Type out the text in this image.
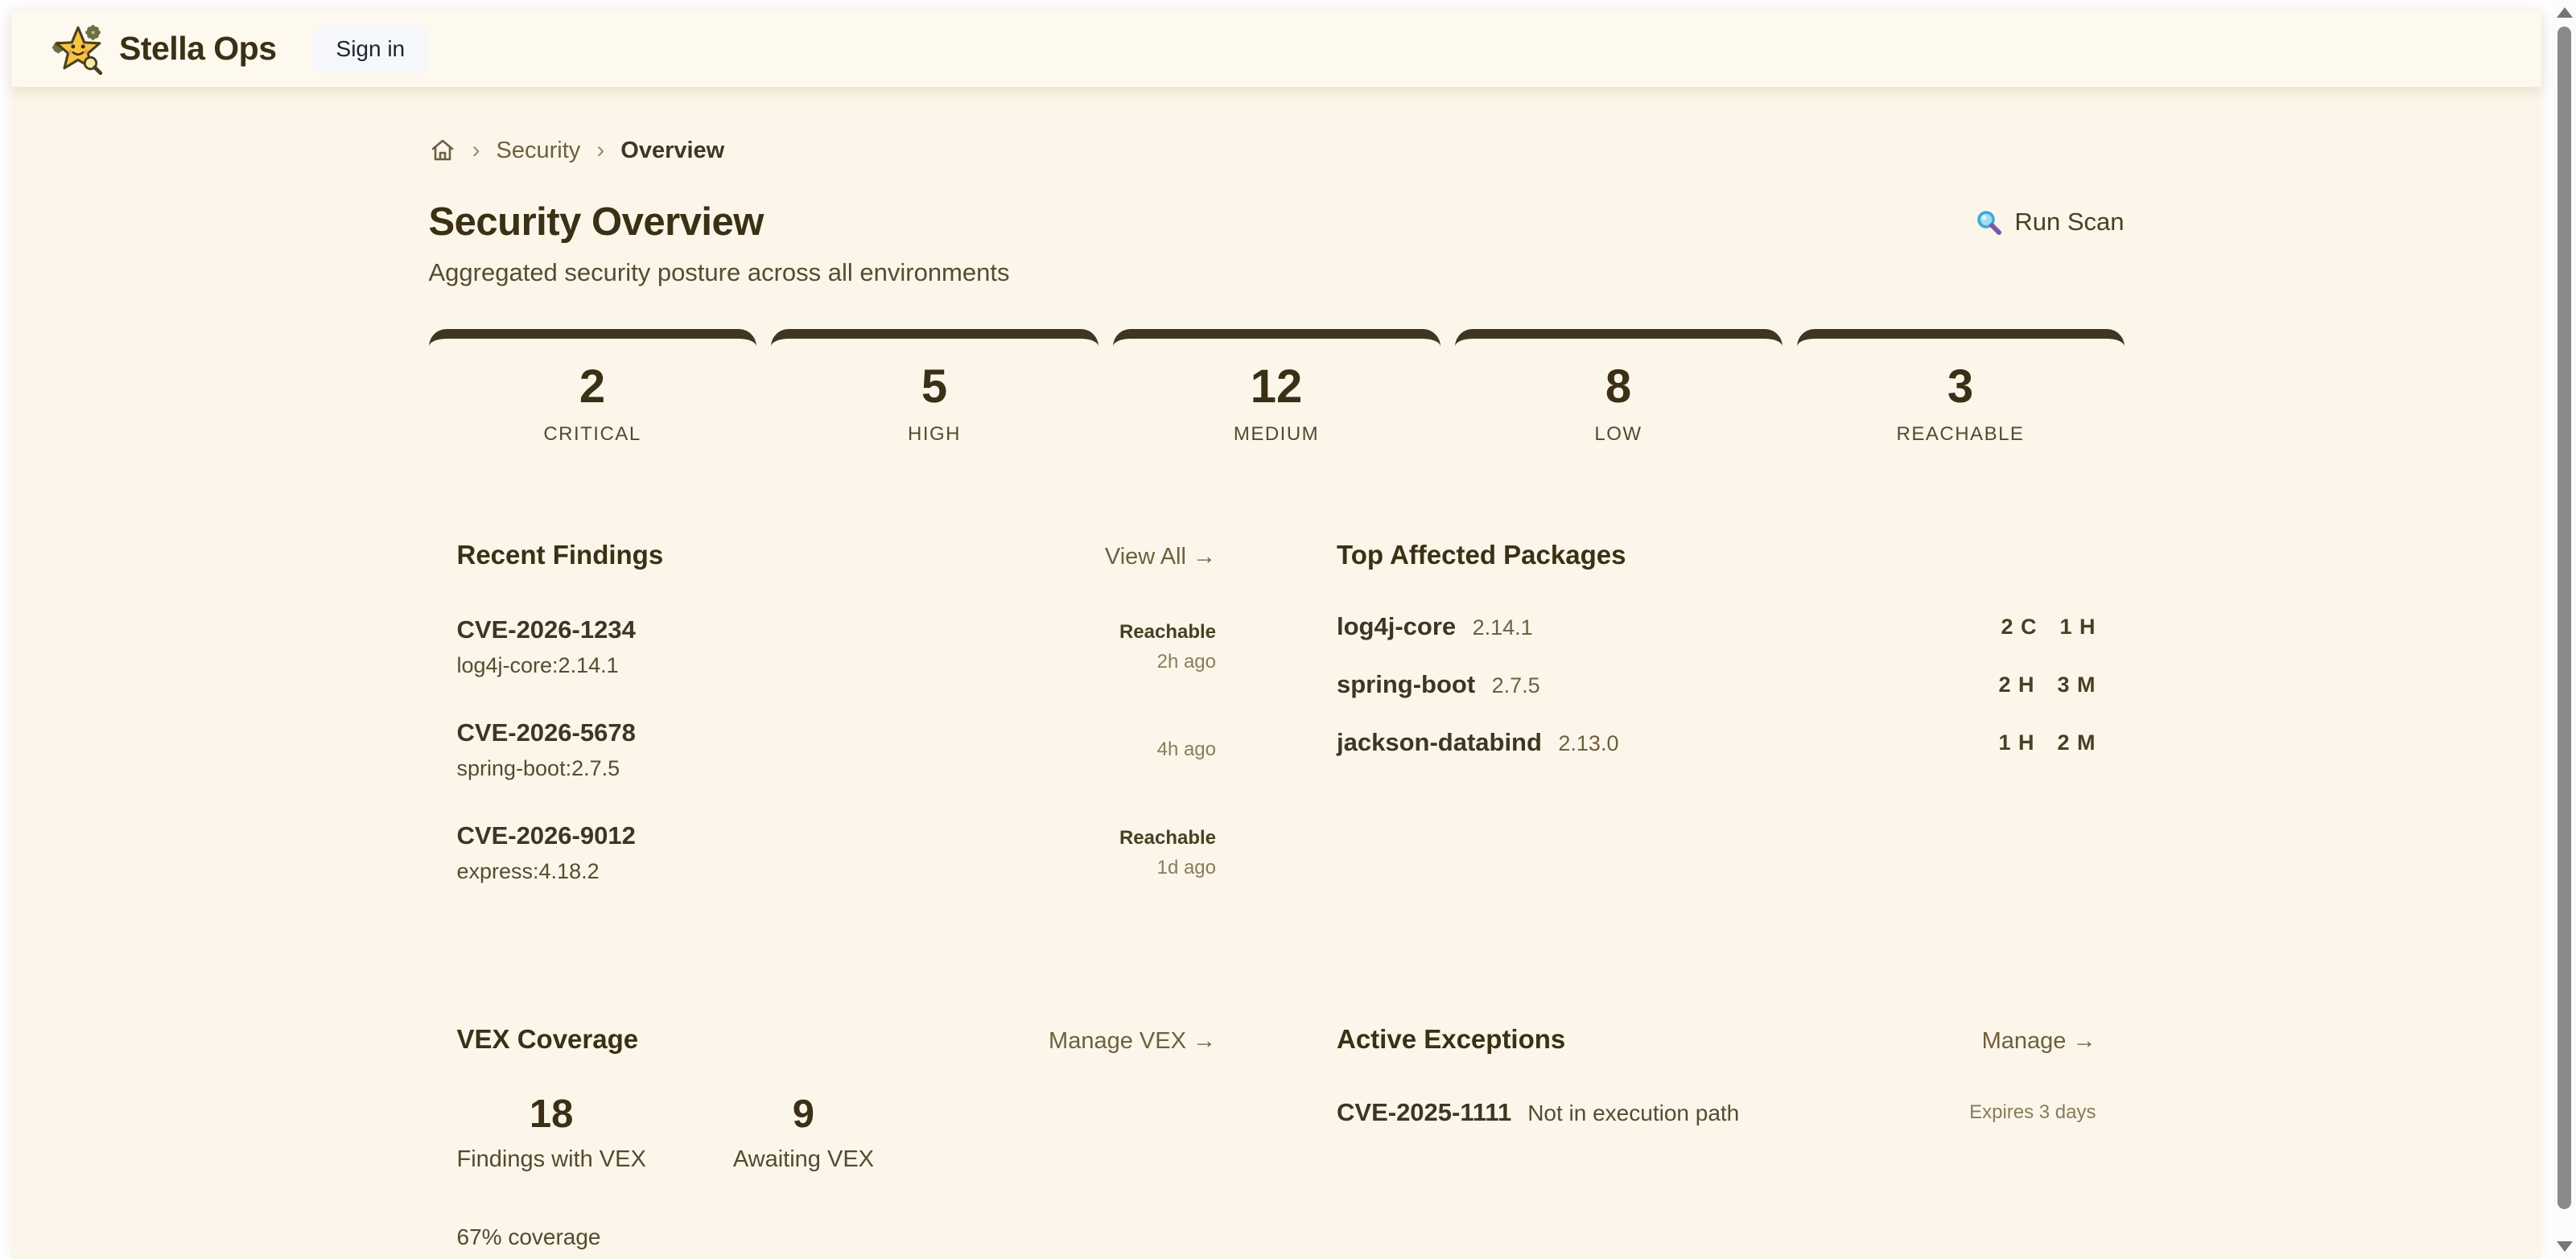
Stella Ops	Sign in
› Security › Overview
Security Overview	Run Scan

Aggregated security posture across all environments

2
CRITICAL
5
HIGH
12
MEDIUM
8
LOW
3
REACHABLE
Recent Findings	View All →
CVE-2026-1234
log4j-core:2.14.1
Reachable
2h ago
CVE-2026-5678
spring-boot:2.7.5
4h ago
CVE-2026-9012
express:4.18.2
Reachable
1d ago
Top Affected Packages
log4j-core 2.14.1	2 C 1 H
spring-boot 2.7.5	2 H 3 M
jackson-databind 2.13.0	1 H 2 M
VEX Coverage	Manage VEX →
18
Findings with VEX
9
Awaiting VEX
67% coverage
Active Exceptions	Manage →
CVE-2025-1111 Not in execution path	Expires 3 days
